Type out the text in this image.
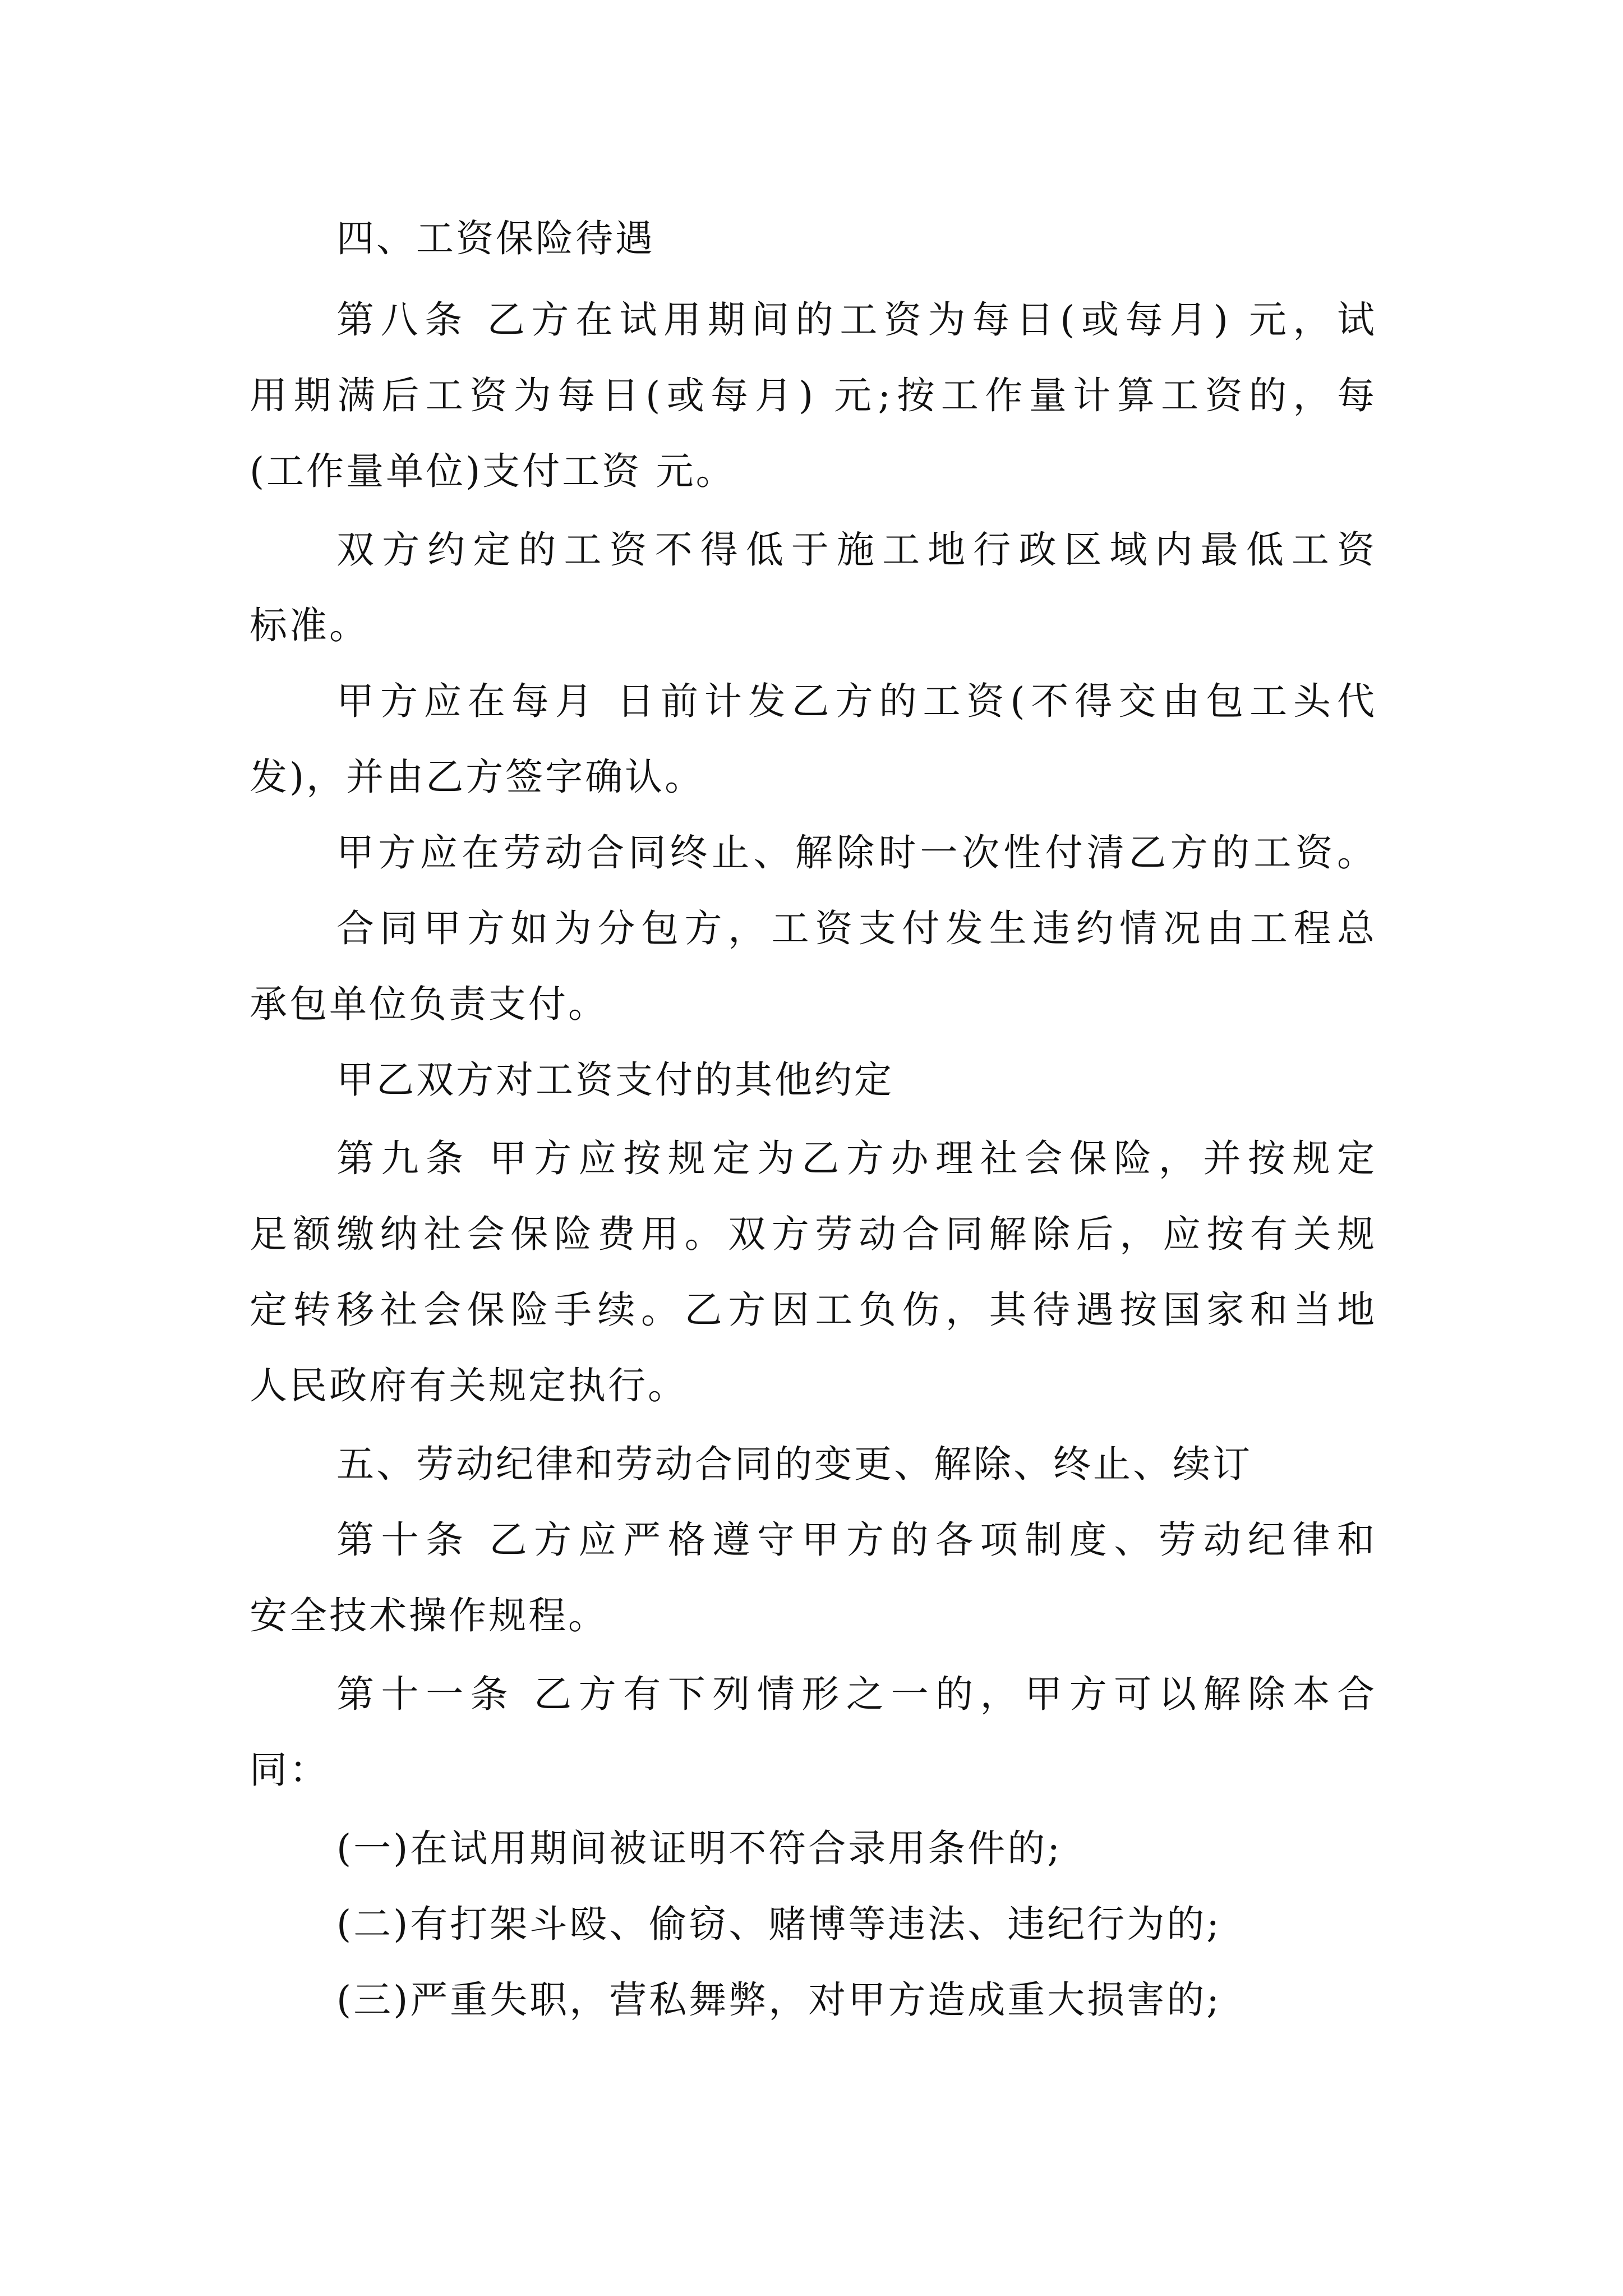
四、工资保险待遇
第八条 乙方在试用期间的工资为每日(或每月) 元，试
用期满后工资为每日(或每月) 元;按工作量计算工资的，每
(工作量单位)支付工资 元。
双方约定的工资不得低于施工地行政区域内最低工资
标准。
甲方应在每月 日前计发乙方的工资(不得交由包工头代
发)，并由乙方签字确认。
甲方应在劳动合同终止、解除时一次性付清乙方的工资。
合同甲方如为分包方，工资支付发生违约情况由工程总
承包单位负责支付。
甲乙双方对工资支付的其他约定
第九条 甲方应按规定为乙方办理社会保险，并按规定
足额缴纳社会保险费用。双方劳动合同解除后，应按有关规
定转移社会保险手续。乙方因工负伤，其待遇按国家和当地
人民政府有关规定执行。
五、劳动纪律和劳动合同的变更、解除、终止、续订
第十条 乙方应严格遵守甲方的各项制度、劳动纪律和
安全技术操作规程。
第十一条 乙方有下列情形之一的，甲方可以解除本合
同：
(一)在试用期间被证明不符合录用条件的;
(二)有打架斗殴、偷窃、赌博等违法、违纪行为的;
(三)严重失职，营私舞弊，对甲方造成重大损害的;
